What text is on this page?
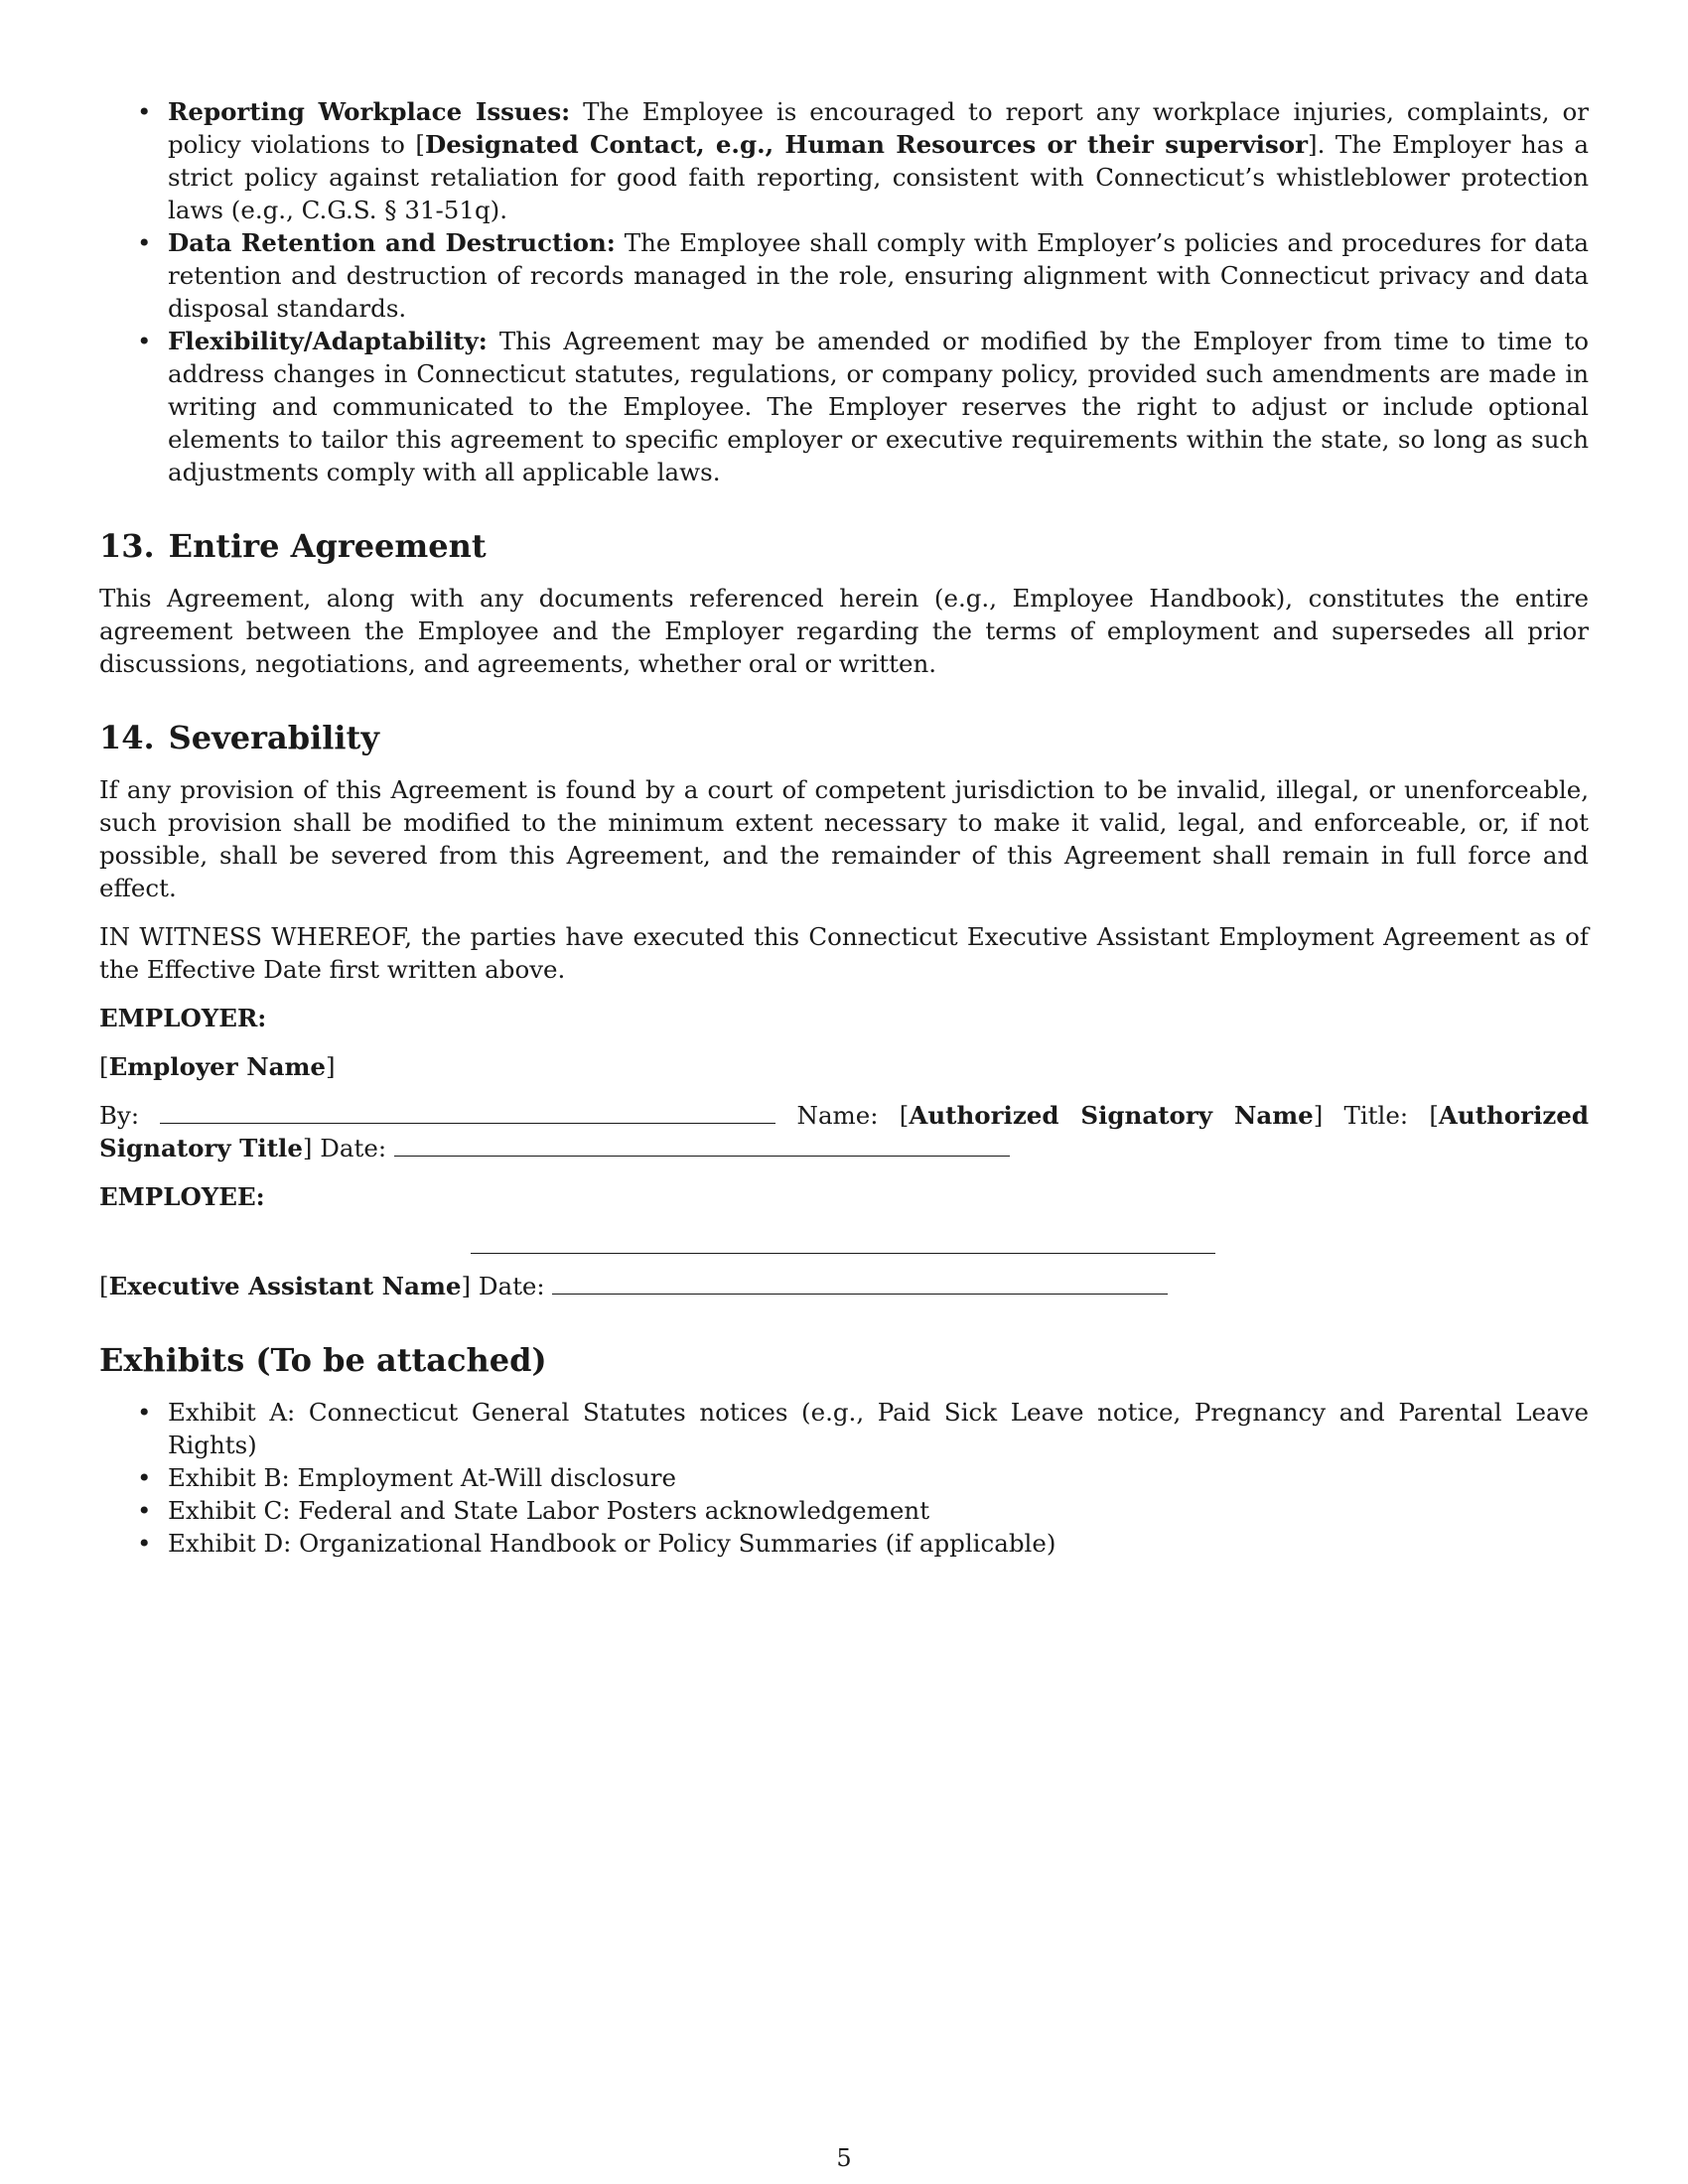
• Reporting Workplace Issues: The Employee is encouraged to report any workplace injuries, complaints, or policy violations to [Designated Contact, e.g., Human Resources or their supervisor]. The Employer has a strict policy against retaliation for good faith reporting, consistent with Connecticut’s whistleblower protection laws (e.g., C.G.S. § 31-51q).
• Data Retention and Destruction: The Employee shall comply with Employer’s policies and procedures for data retention and destruction of records managed in the role, ensuring alignment with Connecticut privacy and data disposal standards.
• Flexibility/Adaptability: This Agreement may be amended or modified by the Employer from time to time to address changes in Connecticut statutes, regulations, or company policy, provided such amendments are made in writing and communicated to the Employee. The Employer reserves the right to adjust or include optional elements to tailor this agreement to specific employer or executive requirements within the state, so long as such adjustments comply with all applicable laws.
13. Entire Agreement

This Agreement, along with any documents referenced herein (e.g., Employee Handbook), constitutes the entire agreement between the Employee and the Employer regarding the terms of employment and supersedes all prior discussions, negotiations, and agreements, whether oral or written.

14. Severability

If any provision of this Agreement is found by a court of competent jurisdiction to be invalid, illegal, or unenforceable, such provision shall be modified to the minimum extent necessary to make it valid, legal, and enforceable, or, if not possible, shall be severed from this Agreement, and the remainder of this Agreement shall remain in full force and effect.

IN WITNESS WHEREOF, the parties have executed this Connecticut Executive Assistant Employment Agreement as of the Effective Date first written above.

EMPLOYER:

[Employer Name]

By:	Name: [Authorized Signatory Name] Title: [Authorized Signatory Title] Date:

EMPLOYEE:

[Executive Assistant Name] Date:

Exhibits (To be attached)
• Exhibit A: Connecticut General Statutes notices (e.g., Paid Sick Leave notice, Pregnancy and Parental Leave Rights)
• Exhibit B: Employment At-Will disclosure
• Exhibit C: Federal and State Labor Posters acknowledgement
• Exhibit D: Organizational Handbook or Policy Summaries (if applicable)
5
